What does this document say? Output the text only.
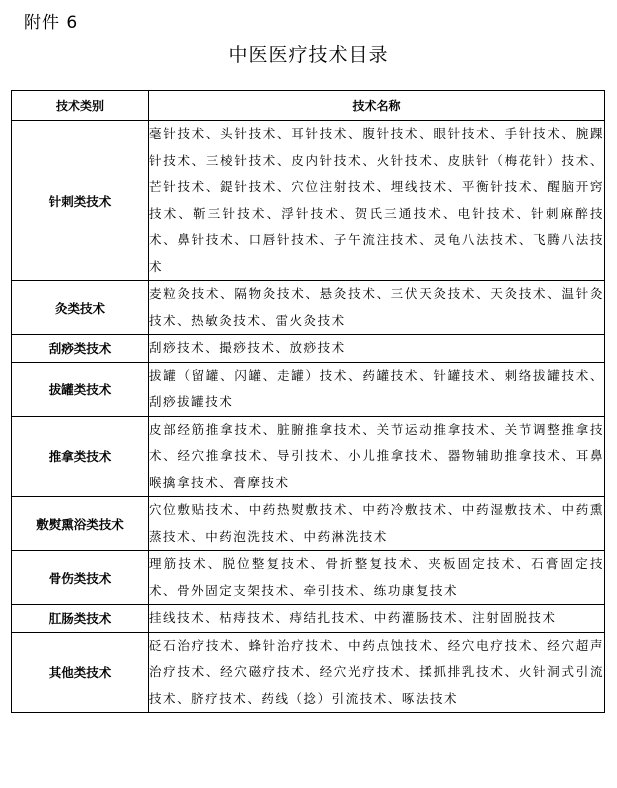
附件 6
中医医疗技术目录
技术类别	技术名称
针刺类技术	毫针技术、头针技术、耳针技术、腹针技术、眼针技术、手针技术、腕踝针技术、三棱针技术、皮内针技术、火针技术、皮肤针（梅花针）技术、芒针技术、鍉针技术、穴位注射技术、埋线技术、平衡针技术、醒脑开窍技术、靳三针技术、浮针技术、贺氏三通技术、电针技术、针刺麻醉技术、鼻针技术、口唇针技术、子午流注技术、灵龟八法技术、飞腾八法技术
灸类技术	麦粒灸技术、隔物灸技术、悬灸技术、三伏天灸技术、天灸技术、温针灸技术、热敏灸技术、雷火灸技术
刮痧类技术	刮痧技术、撮痧技术、放痧技术
拔罐类技术	拔罐（留罐、闪罐、走罐）技术、药罐技术、针罐技术、刺络拔罐技术、刮痧拔罐技术
推拿类技术	皮部经筋推拿技术、脏腑推拿技术、关节运动推拿技术、关节调整推拿技术、经穴推拿技术、导引技术、小儿推拿技术、器物辅助推拿技术、耳鼻喉擒拿技术、膏摩技术
敷熨熏浴类技术	穴位敷贴技术、中药热熨敷技术、中药冷敷技术、中药湿敷技术、中药熏蒸技术、中药泡洗技术、中药淋洗技术
骨伤类技术	理筋技术、脱位整复技术、骨折整复技术、夹板固定技术、石膏固定技术、骨外固定支架技术、牵引技术、练功康复技术
肛肠类技术	挂线技术、枯痔技术、痔结扎技术、中药灌肠技术、注射固脱技术
其他类技术	砭石治疗技术、蜂针治疗技术、中药点蚀技术、经穴电疗技术、经穴超声治疗技术、经穴磁疗技术、经穴光疗技术、揉抓排乳技术、火针洞式引流技术、脐疗技术、药线（捻）引流技术、啄法技术
